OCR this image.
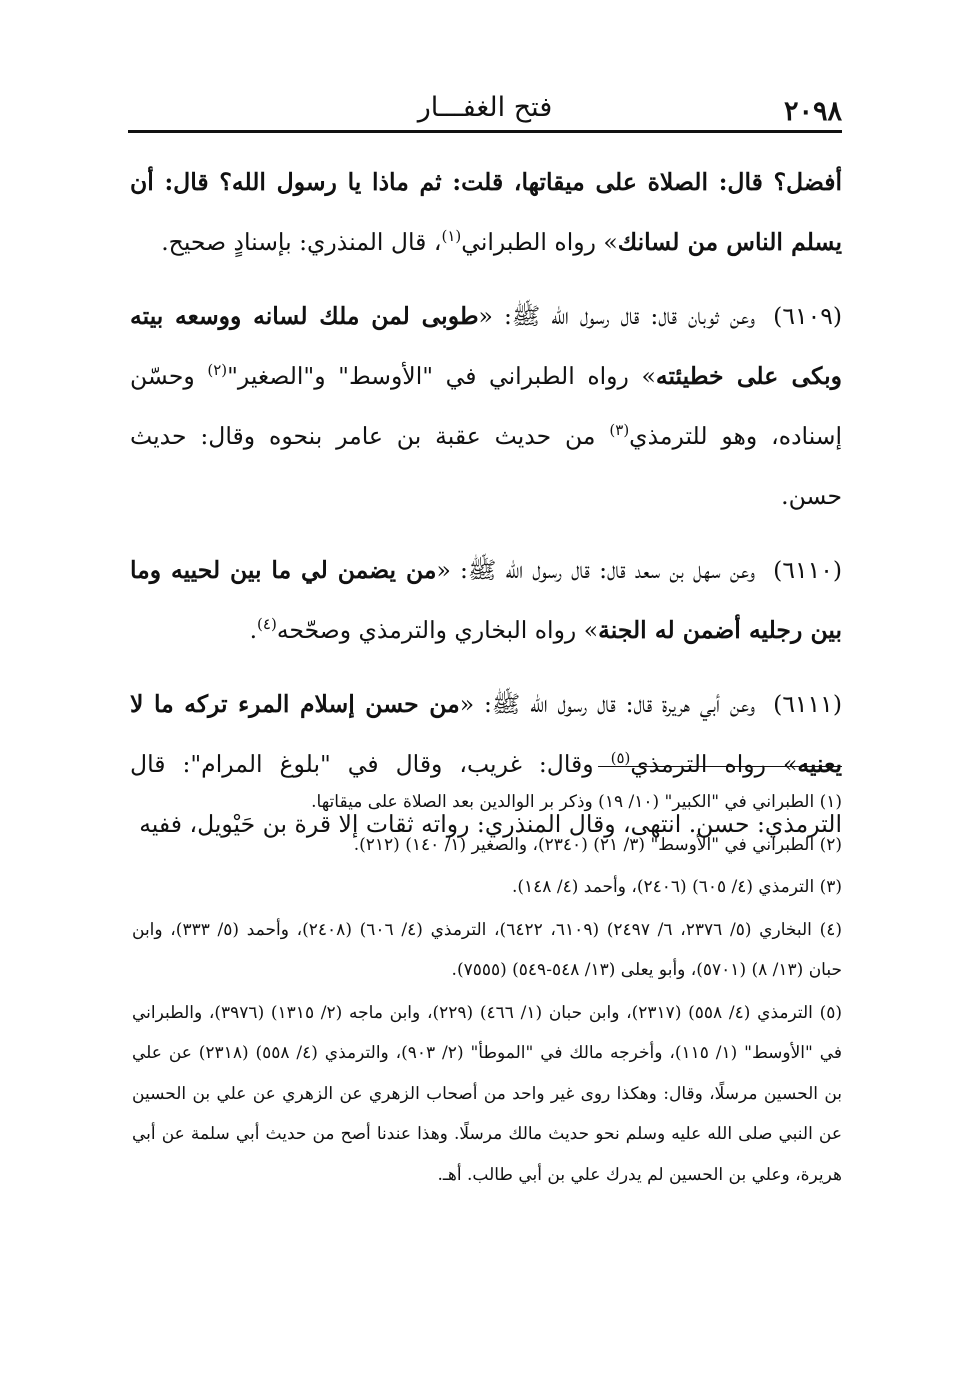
٢٠٩٨
فتح الغفـــار

أفضل؟ قال: الصلاة على ميقاتها، قلت: ثم ماذا يا رسول الله؟ قال: أن يسلم الناس من لسانك» رواه الطبراني$^{(١)}$، قال المنذري: بإسنادٍ صحيح.

(٦١٠٩)وعن ثوبان قال: قال رسول الله ﷺ: «طوبى لمن ملك لسانه ووسعه بيته وبكى على خطيئته» رواه الطبراني في "الأوسط" و"الصغير"$^{(٢)}$ وحسّن إسناده، وهو للترمذي$^{(٣)}$ من حديث عقبة بن عامر بنحوه وقال: حديث حسن.

(٦١١٠)وعن سهل بن سعد قال: قال رسول الله ﷺ: «من يضمن لي ما بين لحييه وما بين رجليه أضمن له الجنة» رواه البخاري والترمذي وصحّحه$^{(٤)}$.

(٦١١١)وعن أبي هريرة قال: قال رسول الله ﷺ: «من حسن إسلام المرء تركه ما لا يعنيه» رواه الترمذي$^{(٥)}$ وقال: غريب، وقال في "بلوغ المرام": قال الترمذي: حسن. انتهى، وقال المنذري: رواته ثقات إلا قرة بن حَيْويل، ففيه

(١) الطبراني في "الكبير" (١٠/ ١٩) وذكر بر الوالدين بعد الصلاة على ميقاتها.

(٢) الطبراني في "الأوسط" (٣/ ٢١) (٢٣٤٠)، والصغير (١/ ١٤٠) (٢١٢).

(٣) الترمذي (٤/ ٦٠٥) (٢٤٠٦)، وأحمد (٤/ ١٤٨).

(٤) البخاري (٥/ ٢٣٧٦، ٦/ ٢٤٩٧) (٦١٠٩، ٦٤٢٢)، الترمذي (٤/ ٦٠٦) (٢٤٠٨)، وأحمد (٥/ ٣٣٣)، وابن حبان (١٣/ ٨) (٥٧٠١)، وأبو يعلى (١٣/ ٥٤٨-٥٤٩) (٧٥٥٥).

(٥) الترمذي (٤/ ٥٥٨) (٢٣١٧)، وابن حبان (١/ ٤٦٦) (٢٢٩)، وابن ماجه (٢/ ١٣١٥) (٣٩٧٦)، والطبراني في "الأوسط" (١/ ١١٥)، وأخرجه مالك في "الموطأ" (٢/ ٩٠٣)، والترمذي (٤/ ٥٥٨) (٢٣١٨) عن علي بن الحسين مرسلًا، وقال: وهكذا روى غير واحد من أصحاب الزهري عن الزهري عن علي بن الحسين عن النبي صلى الله عليه وسلم نحو حديث مالك مرسلًا. وهذا عندنا أصح من حديث أبي سلمة عن أبي هريرة، وعلي بن الحسين لم يدرك علي بن أبي طالب. أهـ.
